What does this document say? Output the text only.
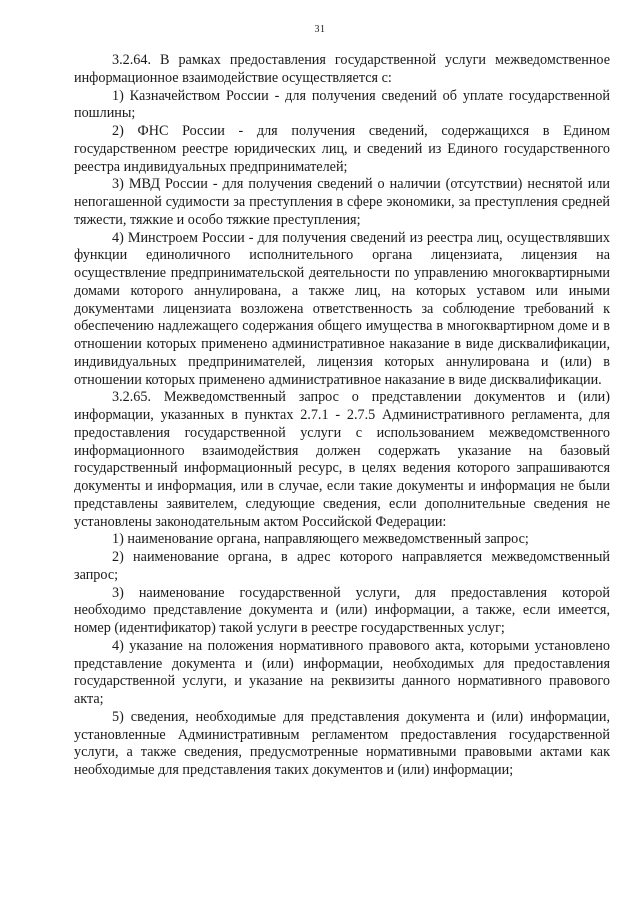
31

3.2.64. В рамках предоставления государственной услуги межведомственное информационное взаимодействие осуществляется с:

1) Казначейством России - для получения сведений об уплате государственной пошлины;

2) ФНС России - для получения сведений, содержащихся в Едином государственном реестре юридических лиц, и сведений из Единого государственного реестра индивидуальных предпринимателей;

3) МВД России - для получения сведений о наличии (отсутствии) неснятой или непогашенной судимости за преступления в сфере экономики, за преступления средней тяжести, тяжкие и особо тяжкие преступления;

4) Минстроем России - для получения сведений из реестра лиц, осуществлявших функции единоличного исполнительного органа лицензиата, лицензия на осуществление предпринимательской деятельности по управлению многоквартирными домами которого аннулирована, а также лиц, на которых уставом или иными документами лицензиата возложена ответственность за соблюдение требований к обеспечению надлежащего содержания общего имущества в многоквартирном доме и в отношении которых применено административное наказание в виде дисквалификации, индивидуальных предпринимателей, лицензия которых аннулирована и (или) в отношении которых применено административное наказание в виде дисквалификации.

3.2.65. Межведомственный запрос о представлении документов и (или) информации, указанных в пунктах 2.7.1 - 2.7.5 Административного регламента, для предоставления государственной услуги с использованием межведомственного информационного взаимодействия должен содержать указание на базовый государственный информационный ресурс, в целях ведения которого запрашиваются документы и информация, или в случае, если такие документы и информация не были представлены заявителем, следующие сведения, если дополнительные сведения не установлены законодательным актом Российской Федерации:

1) наименование органа, направляющего межведомственный запрос;

2) наименование органа, в адрес которого направляется межведомственный запрос;

3) наименование государственной услуги, для предоставления которой необходимо представление документа и (или) информации, а также, если имеется, номер (идентификатор) такой услуги в реестре государственных услуг;

4) указание на положения нормативного правового акта, которыми установлено представление документа и (или) информации, необходимых для предоставления государственной услуги, и указание на реквизиты данного нормативного правового акта;

5) сведения, необходимые для представления документа и (или) информации, установленные Административным регламентом предоставления государственной услуги, а также сведения, предусмотренные нормативными правовыми актами как необходимые для представления таких документов и (или) информации;
